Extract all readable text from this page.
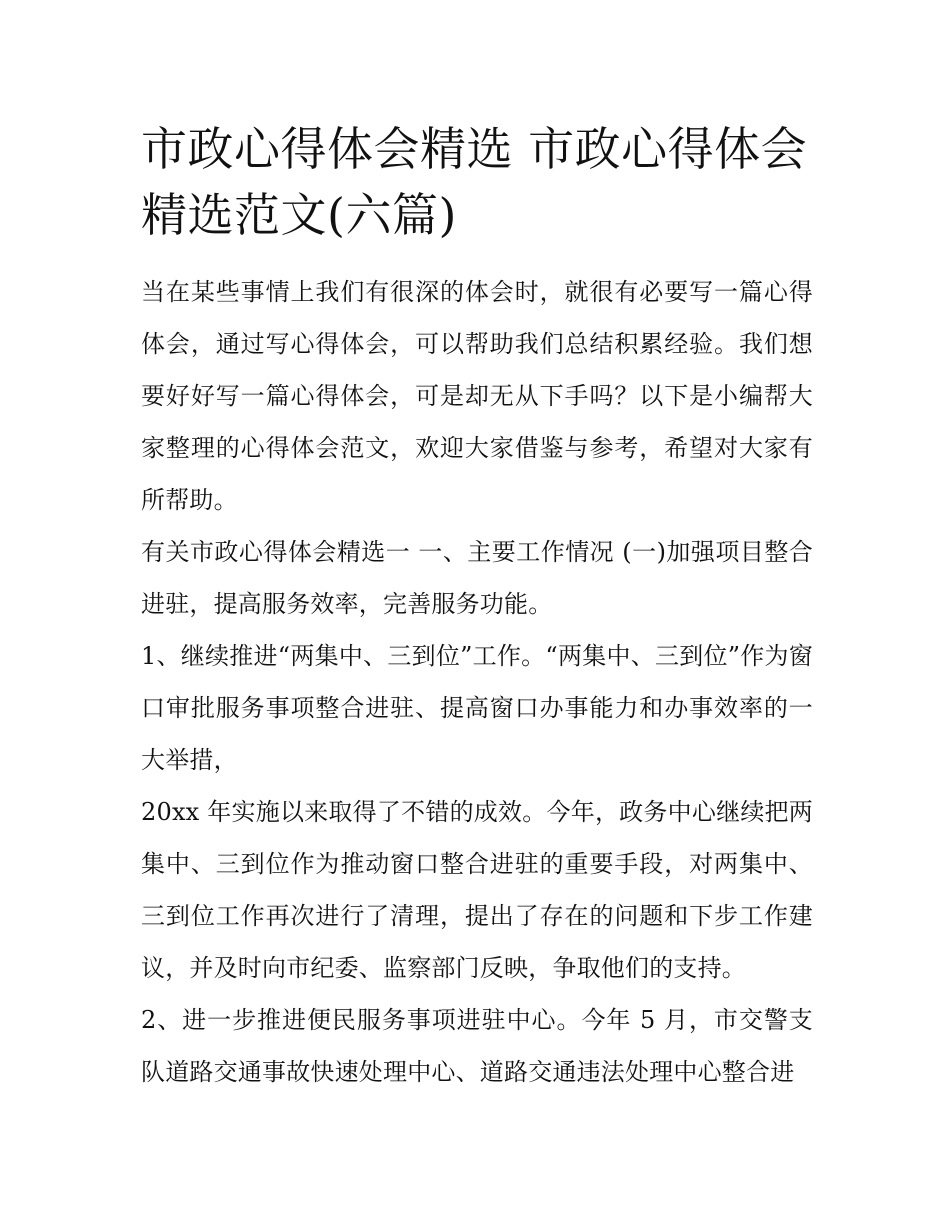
市政心得体会精选 市政心得体会精选范文(六篇)

当在某些事情上我们有很深的体会时，就很有必要写一篇心得体会，通过写心得体会，可以帮助我们总结积累经验。我们想要好好写一篇心得体会，可是却无从下手吗？以下是小编帮大家整理的心得体会范文，欢迎大家借鉴与参考，希望对大家有所帮助。

有关市政心得体会精选一 一、主要工作情况 (一)加强项目整合进驻，提高服务效率，完善服务功能。

1、继续推进“两集中、三到位”工作。“两集中、三到位”作为窗口审批服务事项整合进驻、提高窗口办事能力和办事效率的一大举措，

20xx 年实施以来取得了不错的成效。今年，政务中心继续把两集中、三到位作为推动窗口整合进驻的重要手段，对两集中、三到位工作再次进行了清理，提出了存在的问题和下步工作建议，并及时向市纪委、监察部门反映，争取他们的支持。

2、进一步推进便民服务事项进驻中心。今年 5 月，市交警支队道路交通事故快速处理中心、道路交通违法处理中心整合进
